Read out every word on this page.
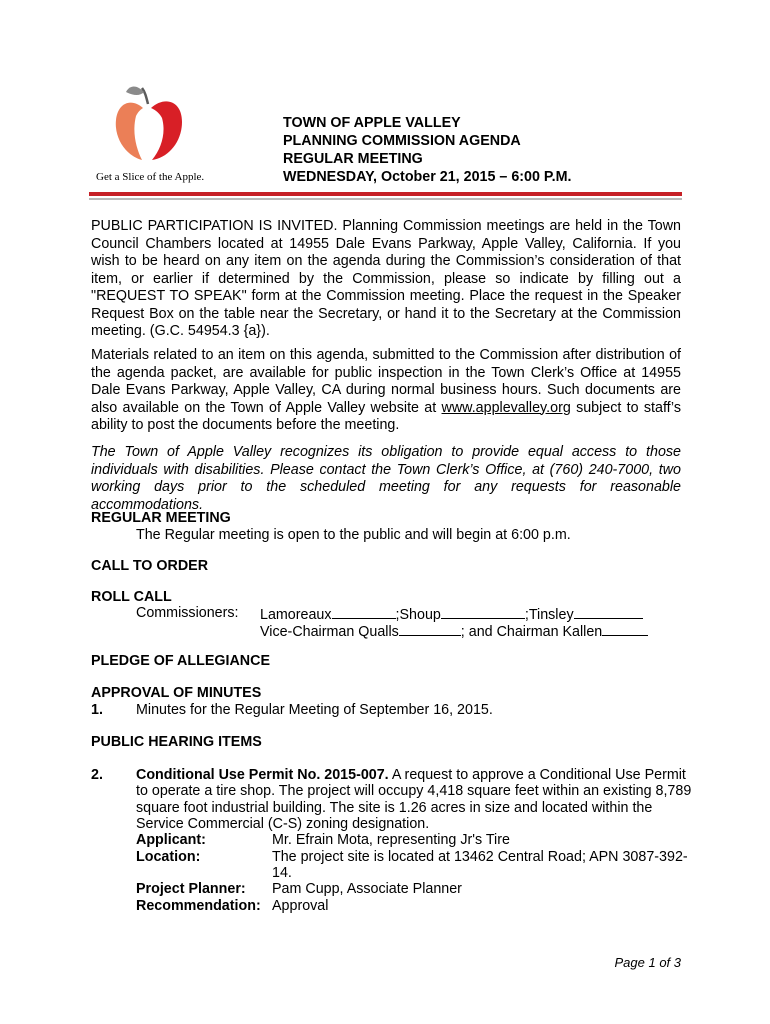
Get a Slice of the Apple.
TOWN OF APPLE VALLEY
PLANNING COMMISSION AGENDA
REGULAR MEETING
WEDNESDAY, October 21, 2015 – 6:00 P.M.
PUBLIC PARTICIPATION IS INVITED. Planning Commission meetings are held in the Town Council Chambers located at 14955 Dale Evans Parkway, Apple Valley, California. If you wish to be heard on any item on the agenda during the Commission’s consideration of that item, or earlier if determined by the Commission, please so indicate by filling out a "REQUEST TO SPEAK" form at the Commission meeting. Place the request in the Speaker Request Box on the table near the Secretary, or hand it to the Secretary at the Commission meeting. (G.C. 54954.3 {a}).
Materials related to an item on this agenda, submitted to the Commission after distribution of the agenda packet, are available for public inspection in the Town Clerk’s Office at 14955 Dale Evans Parkway, Apple Valley, CA during normal business hours. Such documents are also available on the Town of Apple Valley website at www.applevalley.org subject to staff’s ability to post the documents before the meeting.
The Town of Apple Valley recognizes its obligation to provide equal access to those individuals with disabilities. Please contact the Town Clerk’s Office, at (760) 240-7000, two working days prior to the scheduled meeting for any requests for reasonable accommodations.
REGULAR MEETING
The Regular meeting is open to the public and will begin at 6:00 p.m.
CALL TO ORDER
ROLL CALL
Commissioners: Lamoreaux	;Shoup	;Tinsley
Vice-Chairman Qualls	; and Chairman Kallen
PLEDGE OF ALLEGIANCE
APPROVAL OF MINUTES
1. Minutes for the Regular Meeting of September 16, 2015.
PUBLIC HEARING ITEMS
2. Conditional Use Permit No. 2015-007. A request to approve a Conditional Use Permit
to operate a tire shop. The project will occupy 4,418 square feet within an existing 8,789
square foot industrial building. The site is 1.26 acres in size and located within the
Service Commercial (C-S) zoning designation.
Applicant:	Mr. Efrain Mota, representing Jr's Tire
Location:	The project site is located at 13462 Central Road; APN 3087-392-
14.
Project Planner: Pam Cupp, Associate Planner
Recommendation: Approval
Page 1 of 3
